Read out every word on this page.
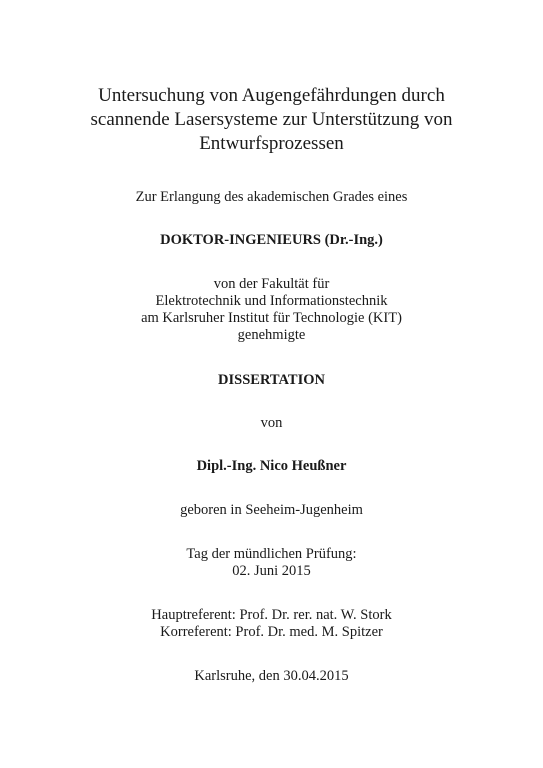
Untersuchung von Augengefährdungen durch
scannende Lasersysteme zur Unterstützung von
Entwurfsprozessen
Zur Erlangung des akademischen Grades eines
DOKTOR-INGENIEURS (Dr.-Ing.)
von der Fakultät für
Elektrotechnik und Informationstechnik
am Karlsruher Institut für Technologie (KIT)
genehmigte
DISSERTATION
von
Dipl.-Ing. Nico Heußner
geboren in Seeheim-Jugenheim
Tag der mündlichen Prüfung:
02. Juni 2015
Hauptreferent: Prof. Dr. rer. nat. W. Stork
Korreferent: Prof. Dr. med. M. Spitzer
Karlsruhe, den 30.04.2015
